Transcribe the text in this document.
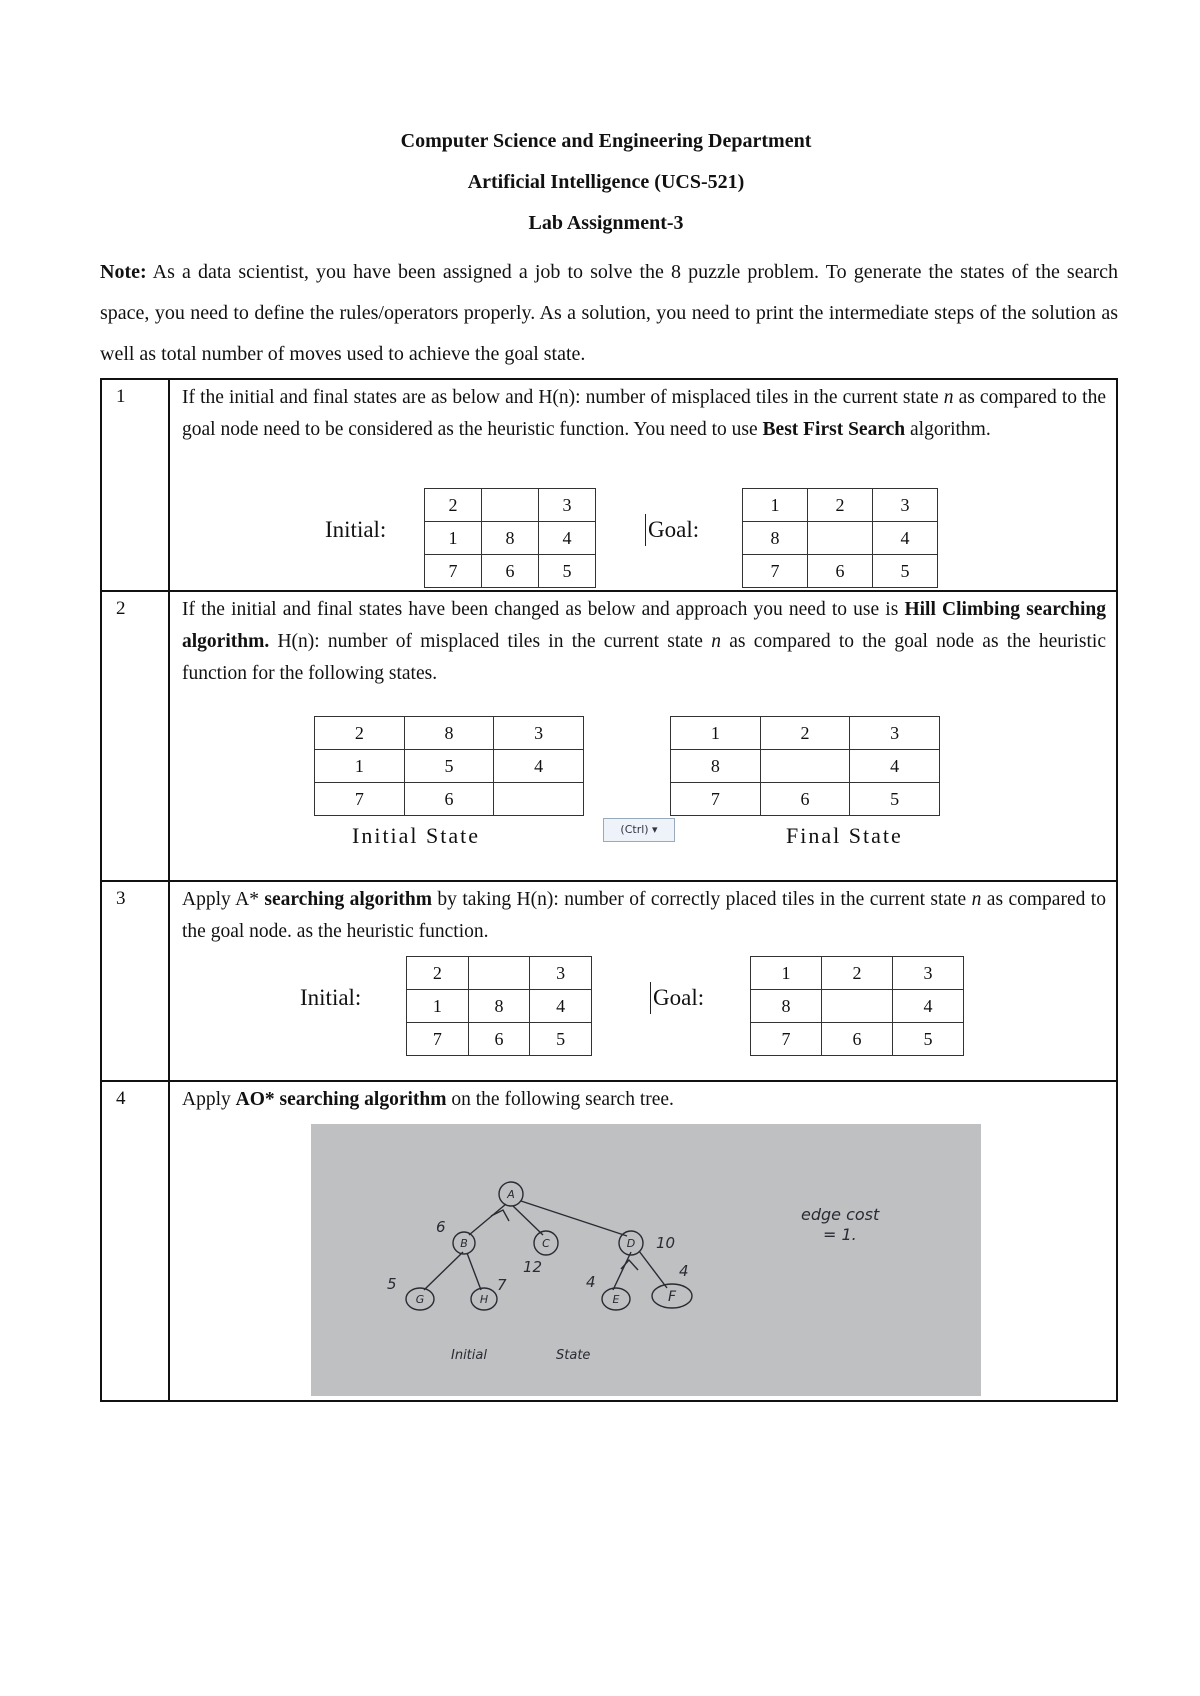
Computer Science and Engineering Department
Artificial Intelligence (UCS-521)
Lab Assignment-3
Note: As a data scientist, you have been assigned a job to solve the 8 puzzle problem. To generate the states of the search space, you need to define the rules/operators properly. As a solution, you need to print the intermediate steps of the solution as well as total number of moves used to achieve the goal state.
1	If the initial and final states are as below and H(n): number of misplaced tiles in the current state n as compared to the goal node need to be considered as the heuristic function. You need to use Best First Search algorithm.
Initial:
2		3
1	8	4
7	6	5
Goal:
1	2	3
8		4
7	6	5

2	If the initial and final states have been changed as below and approach you need to use is Hill Climbing searching algorithm. H(n): number of misplaced tiles in the current state n as compared to the goal node as the heuristic function for the following states.
2	8	3
1	5	4
7	6	
Initial State
1	2	3
8		4
7	6	5
Final State

3	Apply A* searching algorithm by taking H(n): number of correctly placed tiles in the current state n as compared to the goal node. as the heuristic function.
Initial:
2		3
1	8	4
7	6	5
Goal:
1	2	3
8		4
7	6	5

4	Apply AO* searching algorithm on the following search tree.
(Ctrl) ▾
A
B	C	D
G	H	E	F
6
12
10
5	7	4
4
edge cost
= 1.
Initial	State
